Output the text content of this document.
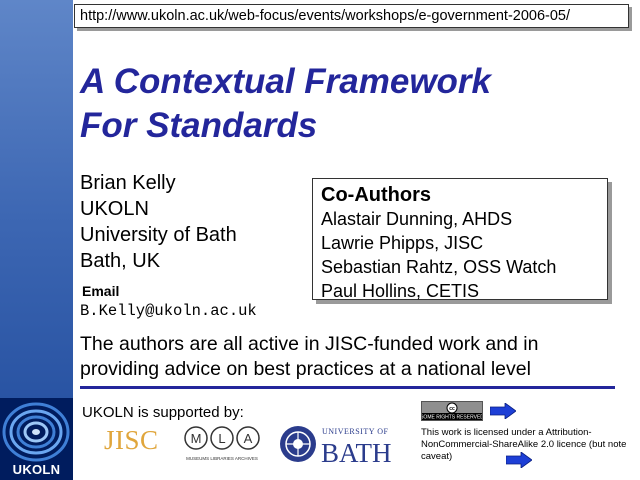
UKOLN
http://www.ukoln.ac.uk/web-focus/events/workshops/e-government-2006-05/
A Contextual Framework
For Standards
Brian Kelly
UKOLN
University of Bath
Bath, UK
Email
B.Kelly@ukoln.ac.uk
Co-Authors
Alastair Dunning, AHDS
Lawrie Phipps, JISC
Sebastian Rahtz, OSS Watch
Paul Hollins, CETIS
The authors are all active in JISC-funded work and in providing advice on best practices at a national level
UKOLN is supported by:
JISC M L A
MUSEUMS LIBRARIES ARCHIVES
UNIVERSITY OF
BATH
cc
SOME RIGHTS RESERVED
This work is licensed under a Attribution-NonCommercial-ShareAlike 2.0 licence (but note caveat)
